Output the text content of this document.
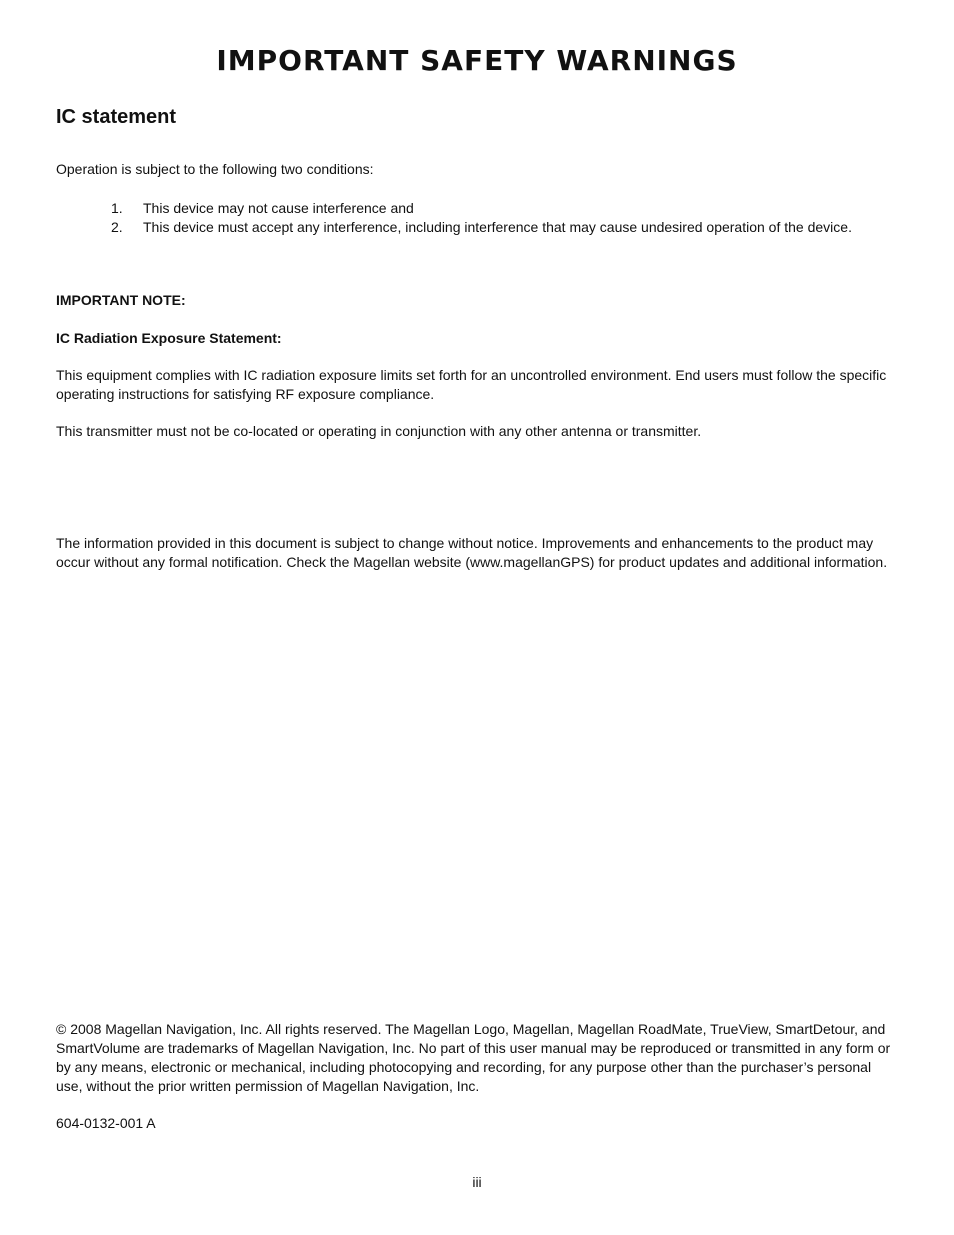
IMPORTANT SAFETY WARNINGS
IC statement

Operation is subject to the following two conditions:

1. This device may not cause interference and
2. This device must accept any interference, including interference that may cause undesired operation of the device.

IMPORTANT NOTE:

IC Radiation Exposure Statement:

This equipment complies with IC radiation exposure limits set forth for an uncontrolled environment. End users must follow the specific operating instructions for satisfying RF exposure compliance.

This transmitter must not be co-located or operating in conjunction with any other antenna or transmitter.

The information provided in this document is subject to change without notice. Improvements and enhancements to the product may occur without any formal notification. Check the Magellan website (www.magellanGPS) for product updates and additional information.

© 2008 Magellan Navigation, Inc. All rights reserved. The Magellan Logo, Magellan, Magellan RoadMate, TrueView, SmartDetour, and SmartVolume are trademarks of Magellan Navigation, Inc. No part of this user manual may be reproduced or transmitted in any form or by any means, electronic or mechanical, including photocopying and recording, for any purpose other than the purchaser’s personal use, without the prior written permission of Magellan Navigation, Inc.

604-0132-001 A

iii
